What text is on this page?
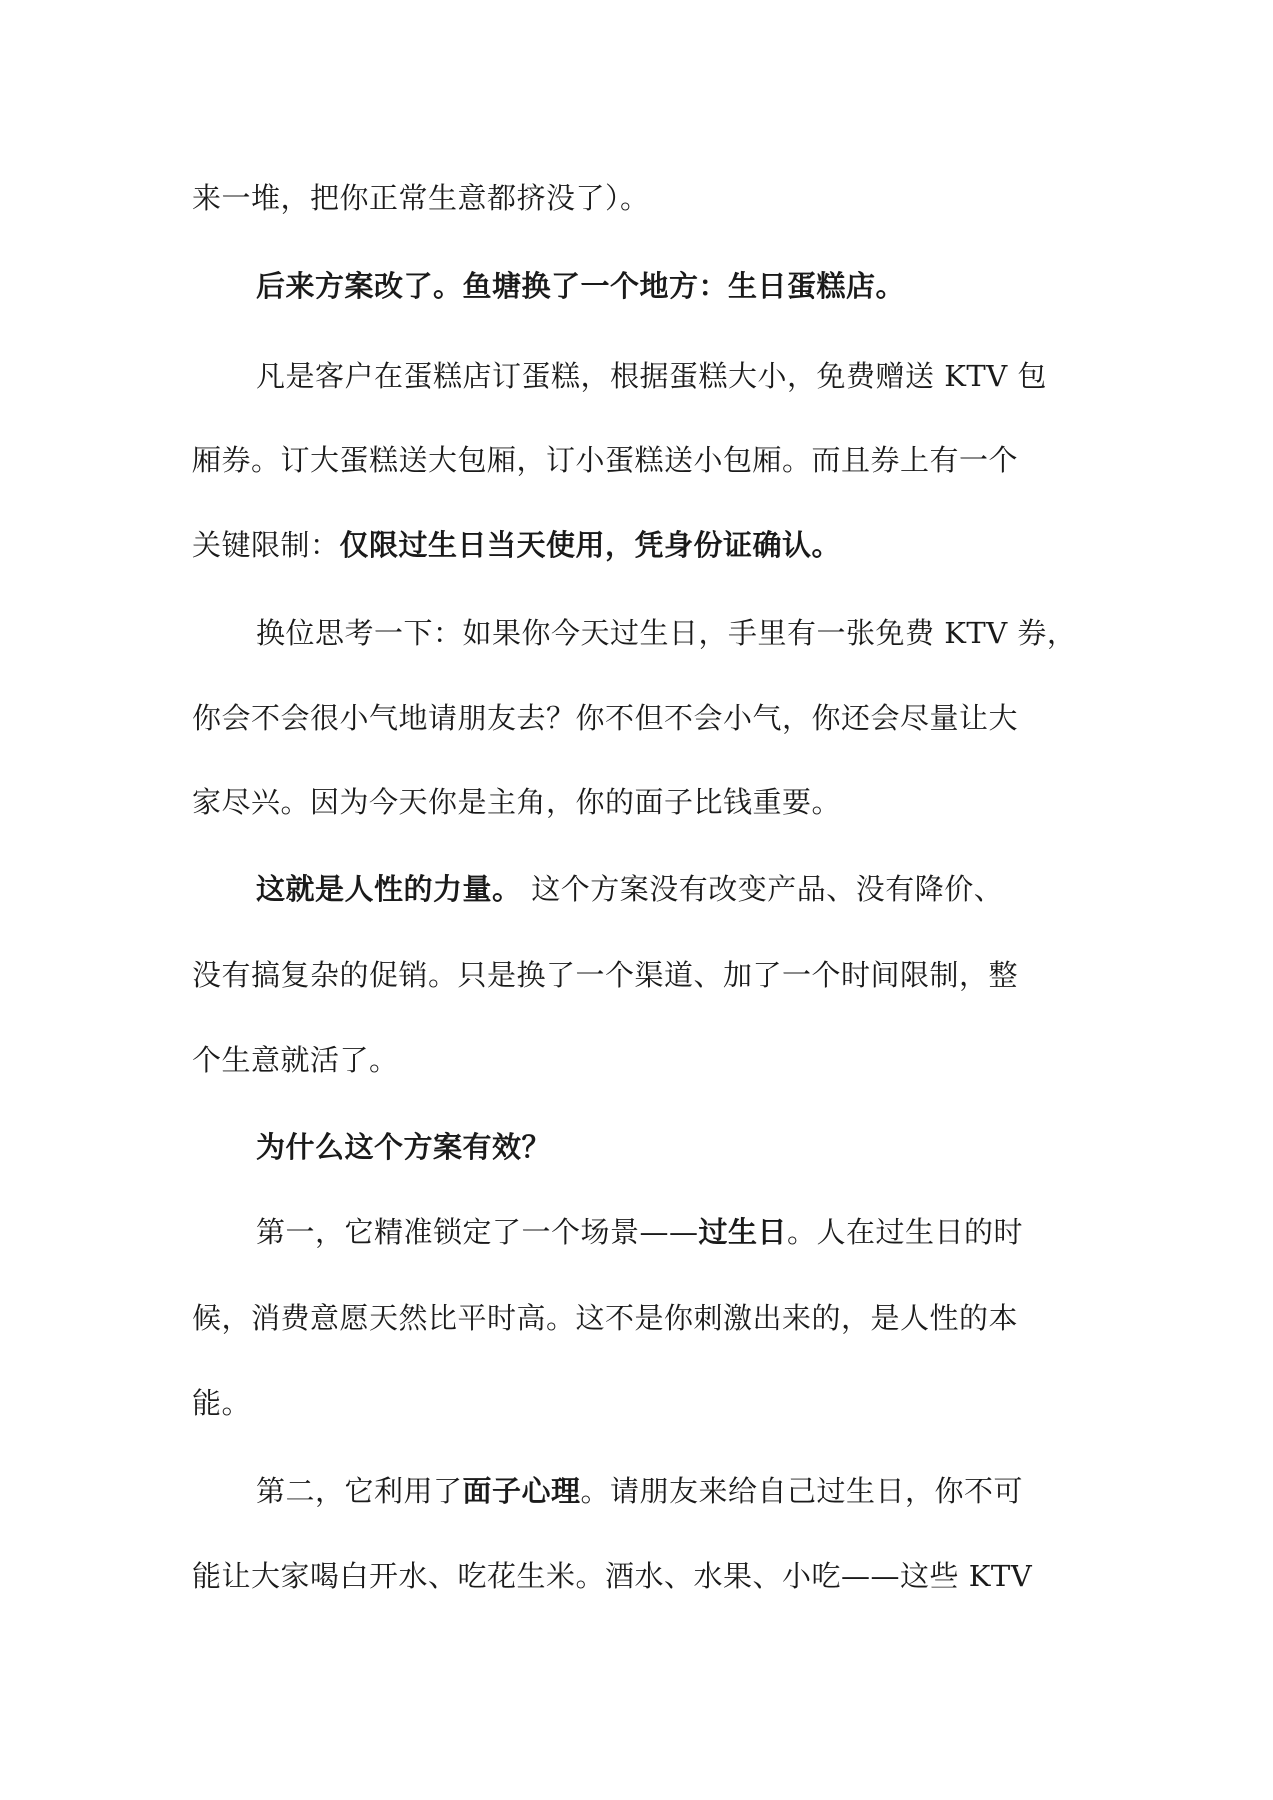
来一堆，把你正常生意都挤没了）。
后来方案改了。鱼塘换了一个地方：生日蛋糕店。
凡是客户在蛋糕店订蛋糕，根据蛋糕大小，免费赠送 KTV 包
厢券。订大蛋糕送大包厢，订小蛋糕送小包厢。而且券上有一个
关键限制：仅限过生日当天使用，凭身份证确认。
换位思考一下：如果你今天过生日，手里有一张免费 KTV 券，
你会不会很小气地请朋友去？你不但不会小气，你还会尽量让大
家尽兴。因为今天你是主角，你的面子比钱重要。
这就是人性的力量。 这个方案没有改变产品、没有降价、
没有搞复杂的促销。只是换了一个渠道、加了一个时间限制，整
个生意就活了。
为什么这个方案有效？
第一，它精准锁定了一个场景——过生日。人在过生日的时
候，消费意愿天然比平时高。这不是你刺激出来的，是人性的本
能。
第二，它利用了面子心理。请朋友来给自己过生日，你不可
能让大家喝白开水、吃花生米。酒水、水果、小吃——这些 KTV
